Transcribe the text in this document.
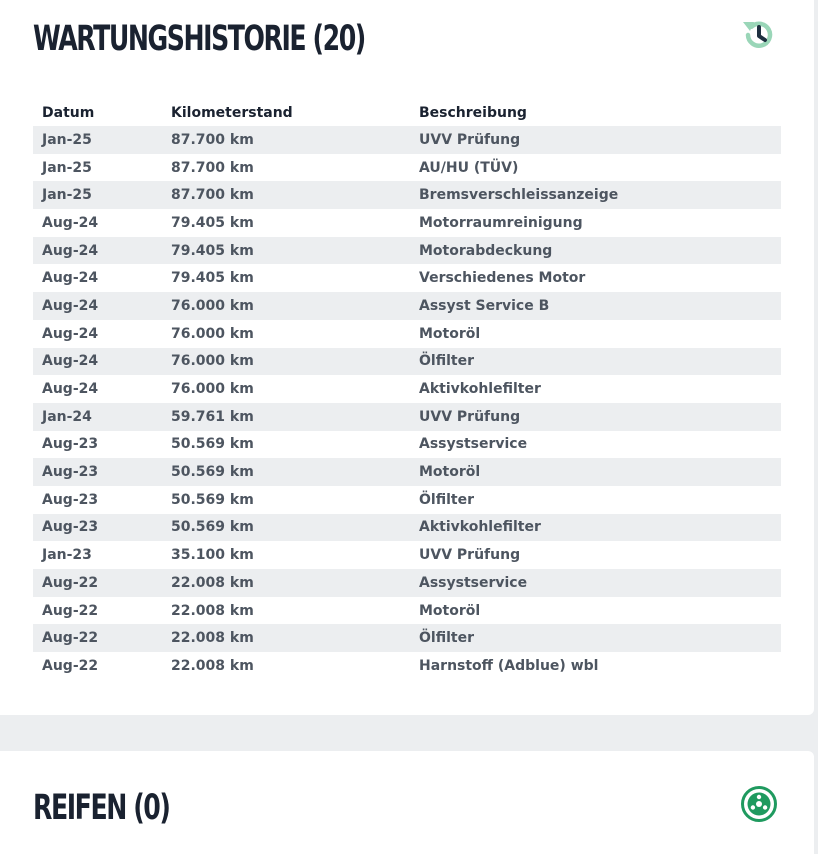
WARTUNGSHISTORIE (20)
Datum	Kilometerstand	Beschreibung
Jan-25	87.700 km	UVV Prüfung
Jan-25	87.700 km	AU/HU (TÜV)
Jan-25	87.700 km	Bremsverschleissanzeige
Aug-24	79.405 km	Motorraumreinigung
Aug-24	79.405 km	Motorabdeckung
Aug-24	79.405 km	Verschiedenes Motor
Aug-24	76.000 km	Assyst Service B
Aug-24	76.000 km	Motoröl
Aug-24	76.000 km	Ölfilter
Aug-24	76.000 km	Aktivkohlefilter
Jan-24	59.761 km	UVV Prüfung
Aug-23	50.569 km	Assystservice
Aug-23	50.569 km	Motoröl
Aug-23	50.569 km	Ölfilter
Aug-23	50.569 km	Aktivkohlefilter
Jan-23	35.100 km	UVV Prüfung
Aug-22	22.008 km	Assystservice
Aug-22	22.008 km	Motoröl
Aug-22	22.008 km	Ölfilter
Aug-22	22.008 km	Harnstoff (Adblue) wbl
REIFEN (0)
